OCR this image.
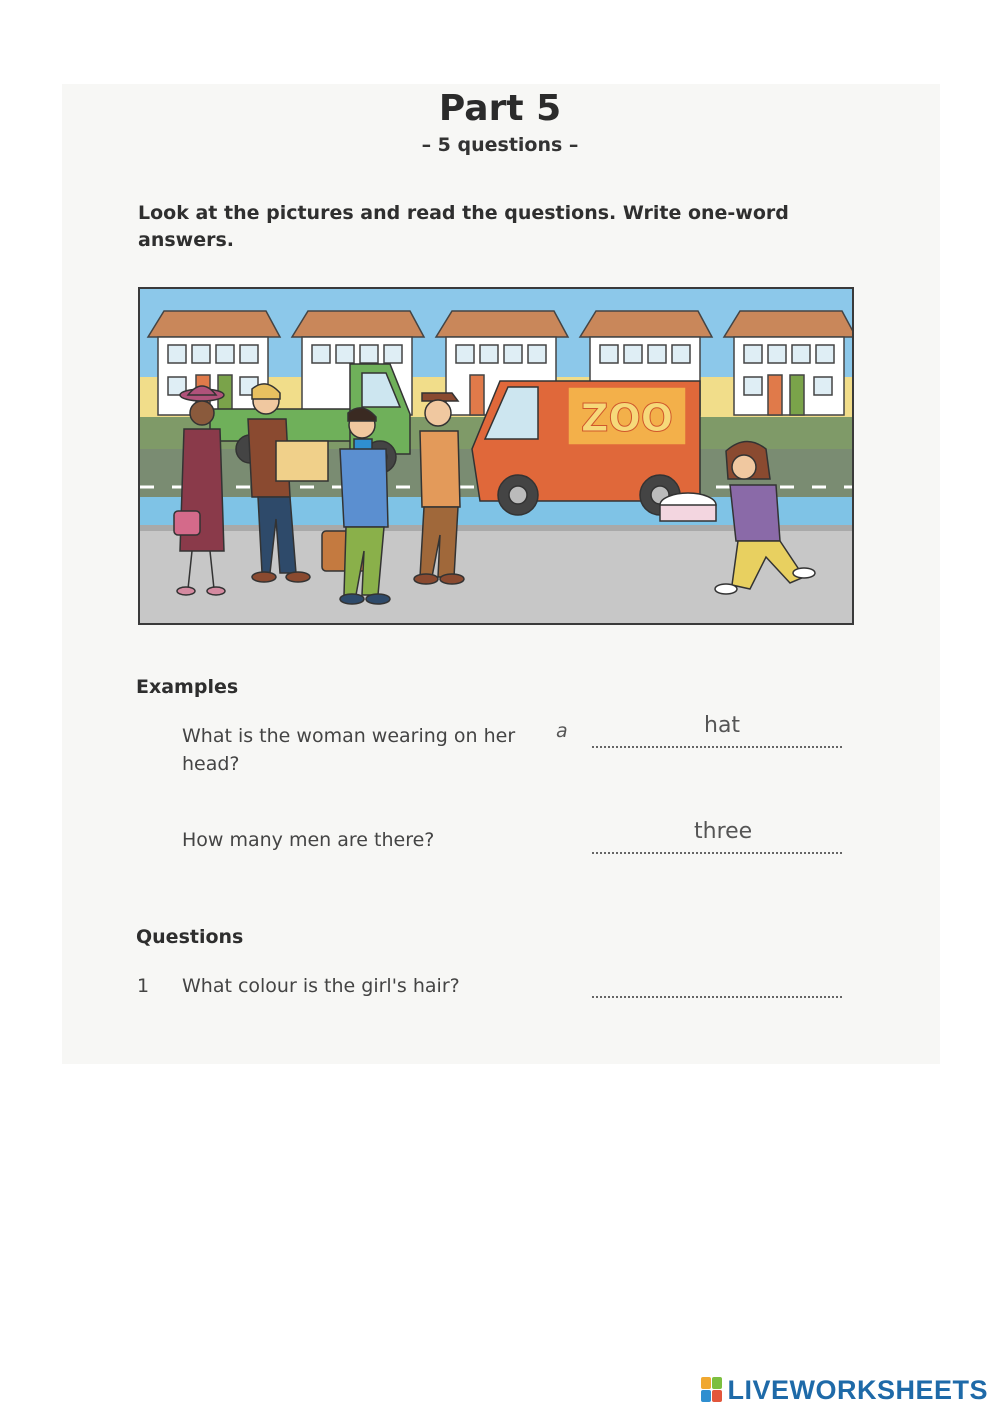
Part 5
– 5 questions –
Look at the pictures and read the questions. Write one-word answers.
ZOO
Examples
What is the woman wearing on her head?
a	hat
How many men are there?	three
Questions
1 What colour is the girl's hair?
LIVEWORKSHEETS
